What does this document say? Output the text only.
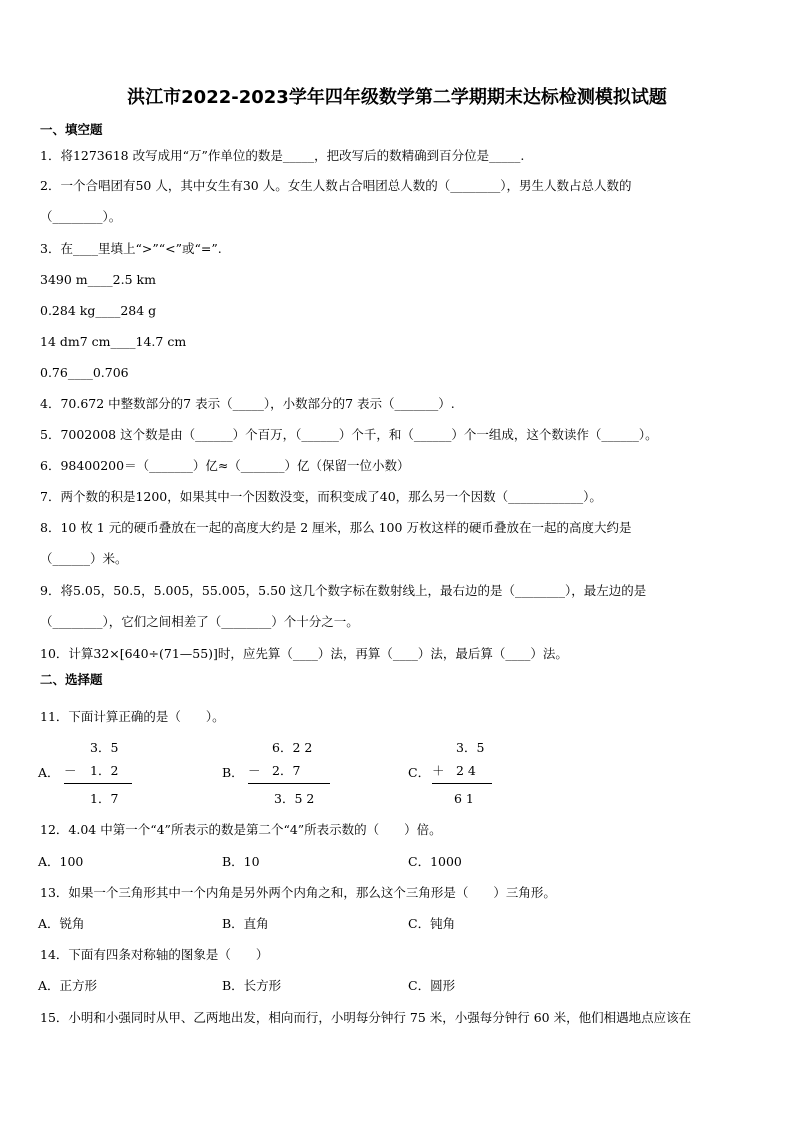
洪江市2022-2023学年四年级数学第二学期期末达标检测模拟试题
一、填空题
1．将1273618 改写成用“万”作单位的数是_____，把改写后的数精确到百分位是_____.
2．一个合唱团有50 人，其中女生有30 人。女生人数占合唱团总人数的（________），男生人数占总人数的
（________）。
3．在____里填上“>”“<”或“=”.
3490 m____2.5 km
0.284 kg____284 g
14 dm7 cm____14.7 cm
0.76____0.706
4．70.672 中整数部分的7 表示（_____），小数部分的7 表示（_______）.
5．7002008 这个数是由（______）个百万，（______）个千，和（______）个一组成，这个数读作（______）。
6．98400200＝（_______）亿≈（_______）亿（保留一位小数）
7．两个数的积是1200，如果其中一个因数没变，而积变成了40，那么另一个因数（____________）。
8．10 枚 1 元的硬币叠放在一起的高度大约是 2 厘米，那么 100 万枚这样的硬币叠放在一起的高度大约是
（______）米。
9．将5.05，50.5，5.005，55.005，5.50 这几个数字标在数射线上，最右边的是（________），最左边的是
（________），它们之间相差了（________）个十分之一。
10．计算32×[640÷(71—55)]时，应先算（____）法，再算（____）法，最后算（____）法。
二、选择题
11．下面计算正确的是（　　）。
A．
3．5
－ 1．2
1．7
B．
6．2 2
－ 2．7
3．5 2
C．
3．5
＋ 2 4
6 1
12．4.04 中第一个“4”所表示的数是第二个“4”所表示数的（　　）倍。
A．100	B．10	C．1000
13．如果一个三角形其中一个内角是另外两个内角之和，那么这个三角形是（　　）三角形。
A．锐角	B．直角	C．钝角
14．下面有四条对称轴的图象是（　　）
A．正方形	B．长方形	C．圆形
15．小明和小强同时从甲、乙两地出发，相向而行，小明每分钟行 75 米，小强每分钟行 60 米，他们相遇地点应该在
